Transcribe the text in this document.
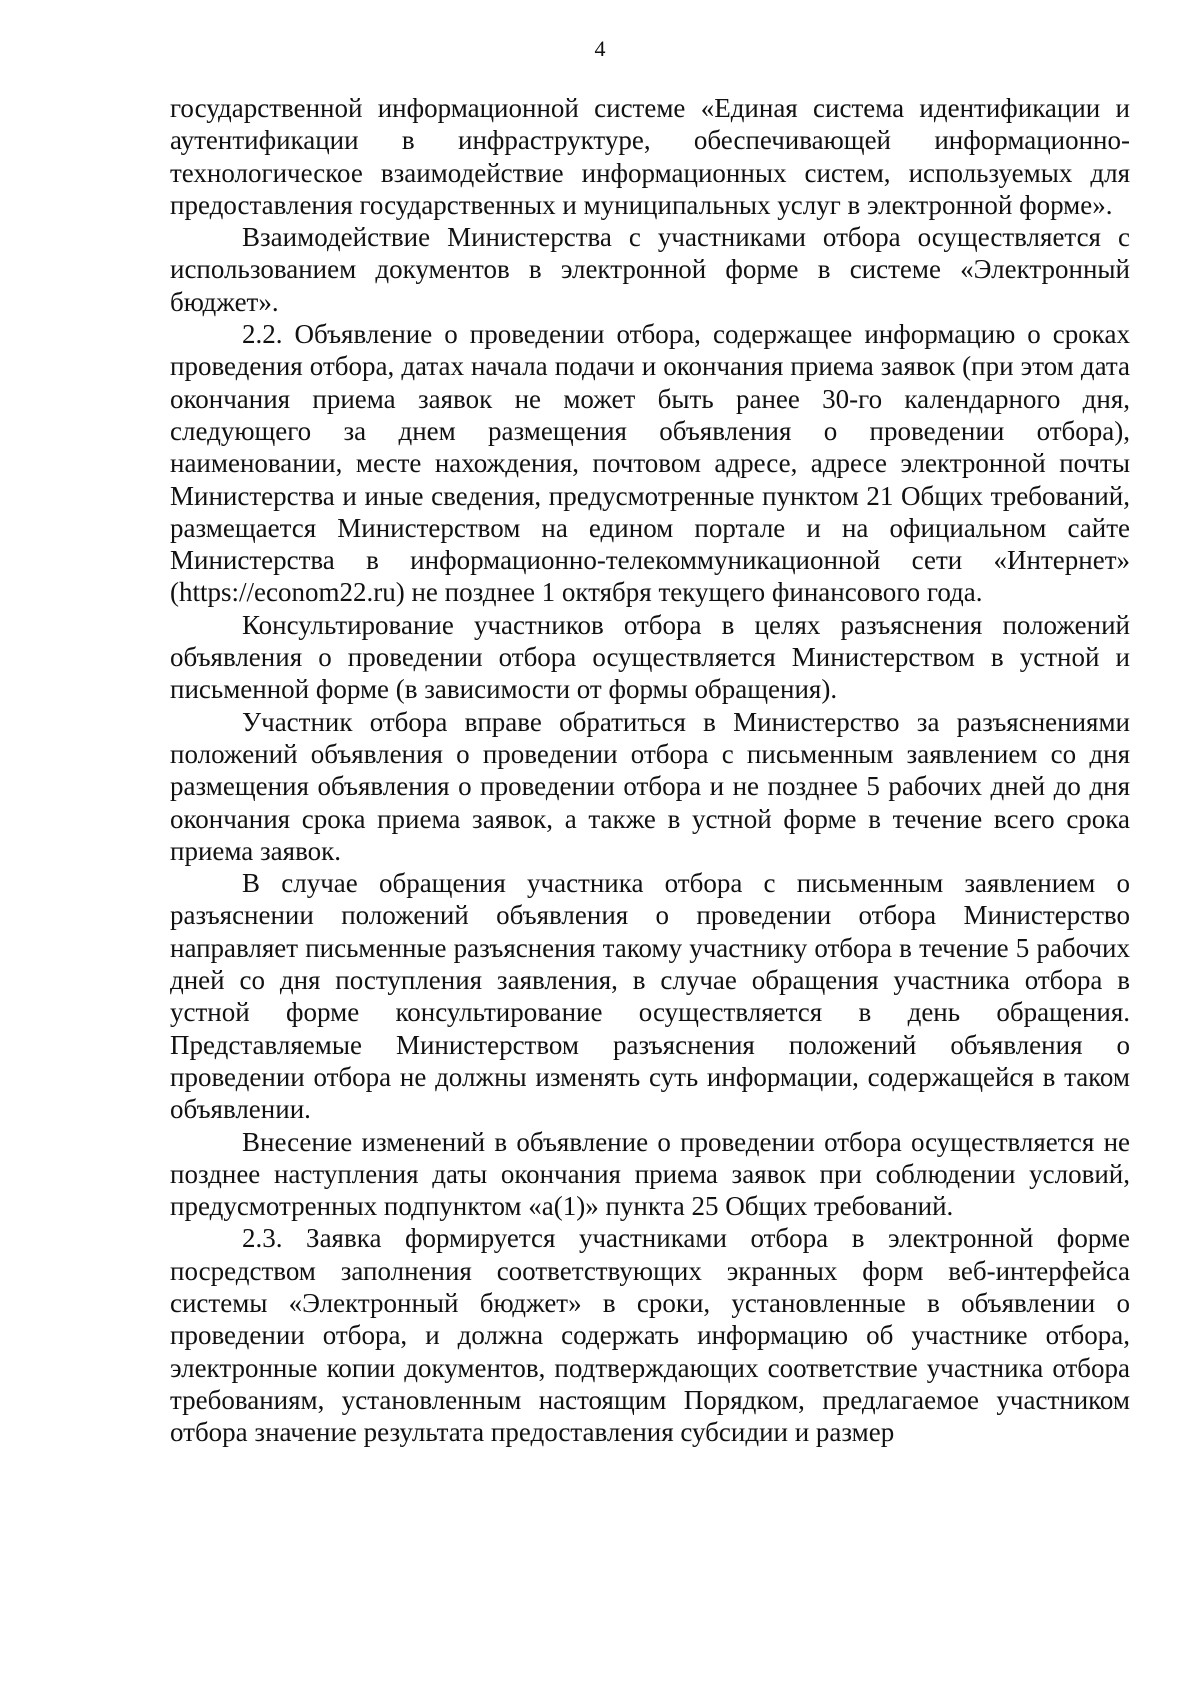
4

государственной информационной системе «Единая система идентификации и аутентификации в инфраструктуре, обеспечивающей информационно-технологическое взаимодействие информационных систем, используемых для предоставления государственных и муниципальных услуг в электронной форме».

Взаимодействие Министерства с участниками отбора осуществляется с использованием документов в электронной форме в системе «Электронный бюджет».

2.2. Объявление о проведении отбора, содержащее информацию о сроках проведения отбора, датах начала подачи и окончания приема заявок (при этом дата окончания приема заявок не может быть ранее 30-го календарного дня, следующего за днем размещения объявления о проведении отбора), наименовании, месте нахождения, почтовом адресе, адресе электронной почты Министерства и иные сведения, предусмотренные пунктом 21 Общих требований, размещается Министерством на едином портале и на официальном сайте Министерства в информационно-телекоммуникационной сети «Интернет» (https://econom22.ru) не позднее 1 октября текущего финансового года.

Консультирование участников отбора в целях разъяснения положений объявления о проведении отбора осуществляется Министерством в устной и письменной форме (в зависимости от формы обращения).

Участник отбора вправе обратиться в Министерство за разъяснениями положений объявления о проведении отбора с письменным заявлением со дня размещения объявления о проведении отбора и не позднее 5 рабочих дней до дня окончания срока приема заявок, а также в устной форме в течение всего срока приема заявок.

В случае обращения участника отбора с письменным заявлением о разъяснении положений объявления о проведении отбора Министерство направляет письменные разъяснения такому участнику отбора в течение 5 рабочих дней со дня поступления заявления, в случае обращения участника отбора в устной форме консультирование осуществляется в день обращения. Представляемые Министерством разъяснения положений объявления о проведении отбора не должны изменять суть информации, содержащейся в таком объявлении.

Внесение изменений в объявление о проведении отбора осуществляется не позднее наступления даты окончания приема заявок при соблюдении условий, предусмотренных подпунктом «а(1)» пункта 25 Общих требований.

2.3. Заявка формируется участниками отбора в электронной форме посредством заполнения соответствующих экранных форм веб-интерфейса системы «Электронный бюджет» в сроки, установленные в объявлении о проведении отбора, и должна содержать информацию об участнике отбора, электронные копии документов, подтверждающих соответствие участника отбора требованиям, установленным настоящим Порядком, предлагаемое участником отбора значение результата предоставления субсидии и размер
